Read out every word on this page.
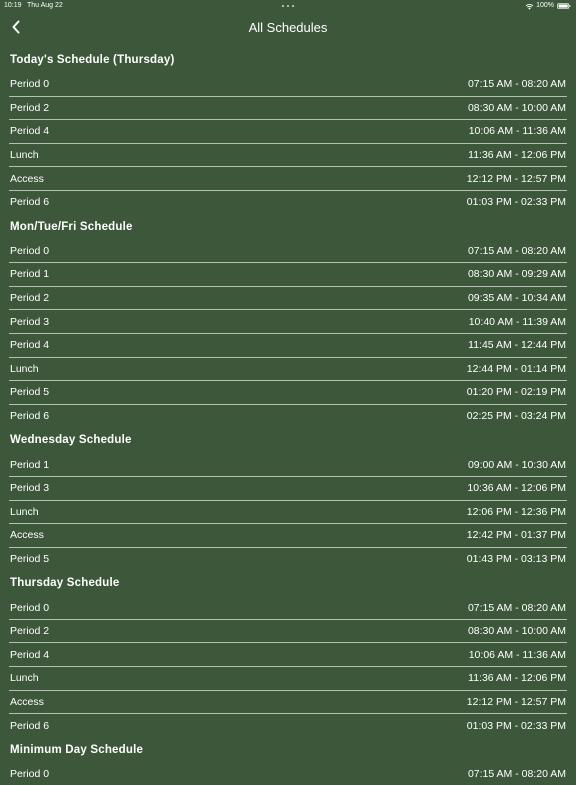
10:19 Thu Aug 22	100%
All Schedules
Today's Schedule (Thursday)
Period 0	07:15 AM - 08:20 AM
Period 2	08:30 AM - 10:00 AM
Period 4	10:06 AM - 11:36 AM
Lunch	11:36 AM - 12:06 PM
Access	12:12 PM - 12:57 PM
Period 6	01:03 PM - 02:33 PM
Mon/Tue/Fri Schedule
Period 0	07:15 AM - 08:20 AM
Period 1	08:30 AM - 09:29 AM
Period 2	09:35 AM - 10:34 AM
Period 3	10:40 AM - 11:39 AM
Period 4	11:45 AM - 12:44 PM
Lunch	12:44 PM - 01:14 PM
Period 5	01:20 PM - 02:19 PM
Period 6	02:25 PM - 03:24 PM
Wednesday Schedule
Period 1	09:00 AM - 10:30 AM
Period 3	10:36 AM - 12:06 PM
Lunch	12:06 PM - 12:36 PM
Access	12:42 PM - 01:37 PM
Period 5	01:43 PM - 03:13 PM
Thursday Schedule
Period 0	07:15 AM - 08:20 AM
Period 2	08:30 AM - 10:00 AM
Period 4	10:06 AM - 11:36 AM
Lunch	11:36 AM - 12:06 PM
Access	12:12 PM - 12:57 PM
Period 6	01:03 PM - 02:33 PM
Minimum Day Schedule
Period 0	07:15 AM - 08:20 AM
